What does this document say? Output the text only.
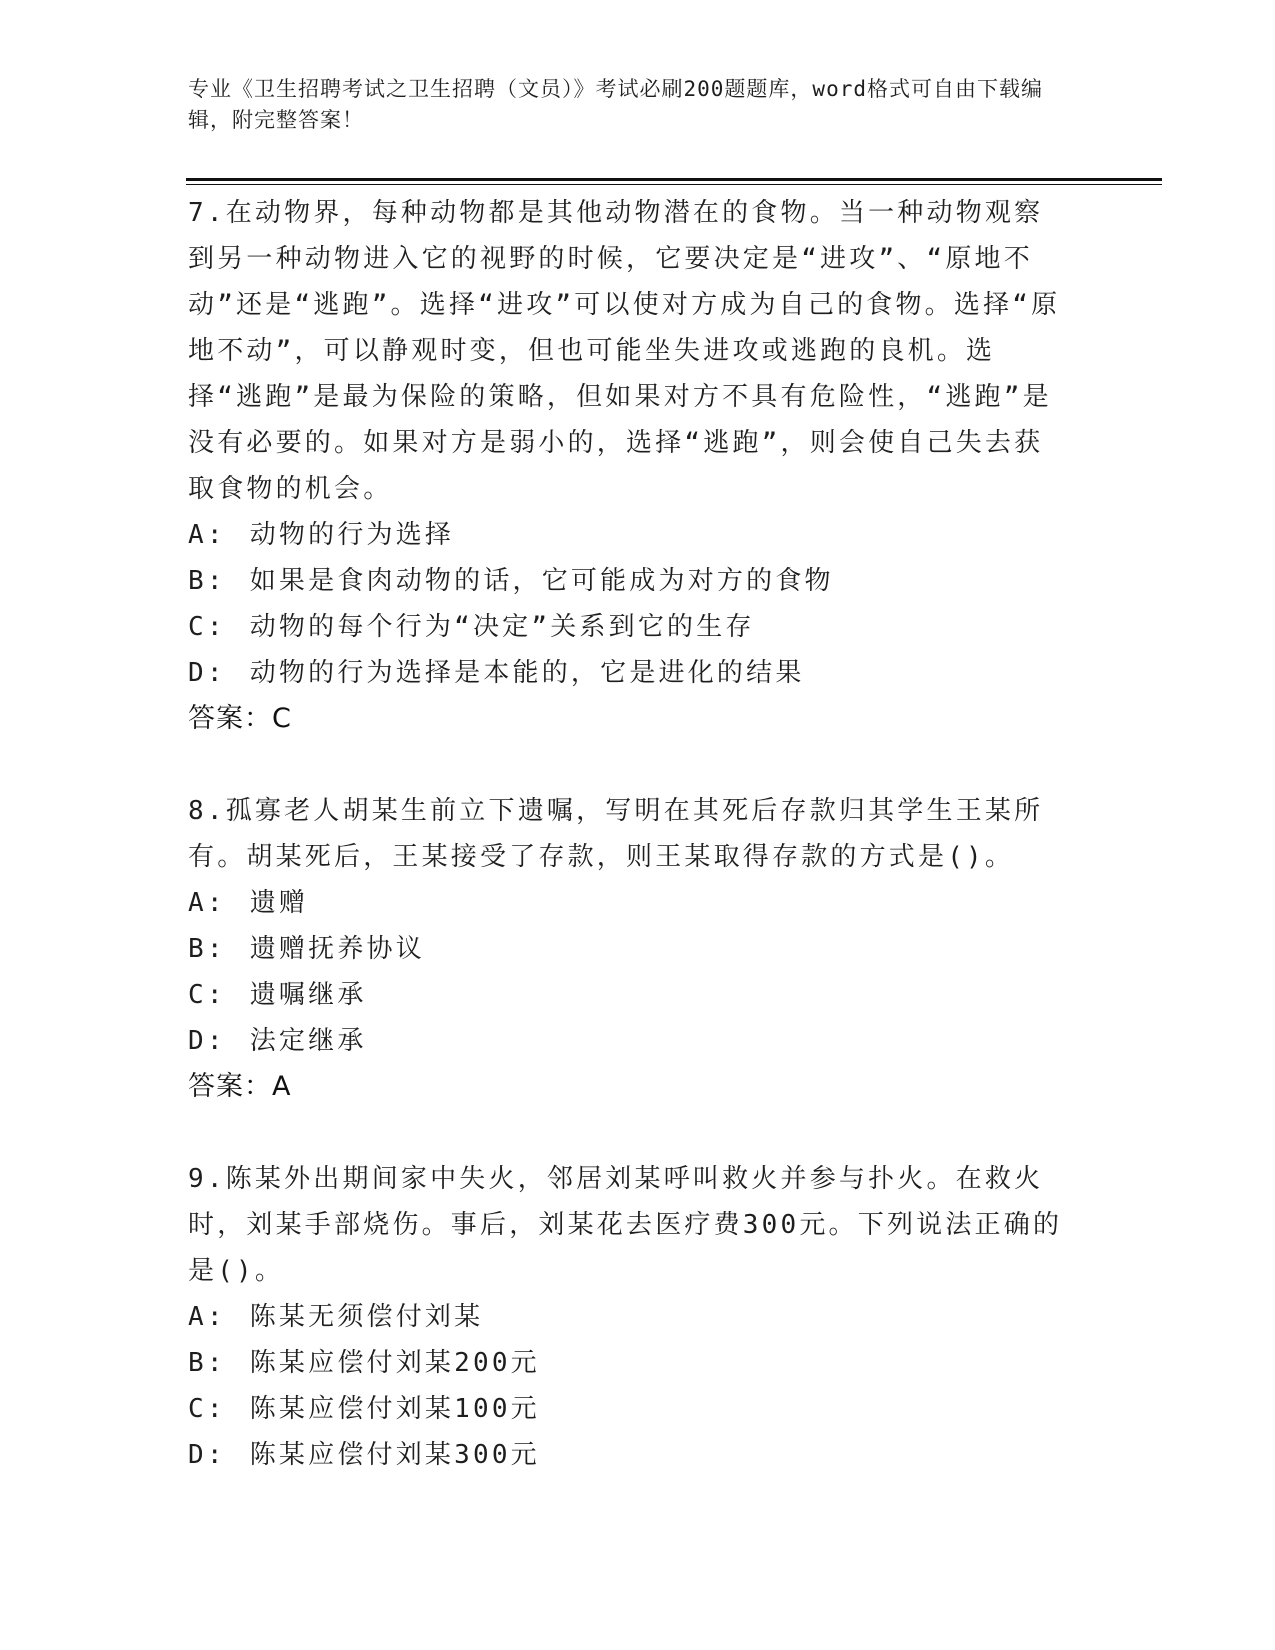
专业《卫生招聘考试之卫生招聘（文员）》考试必刷200题题库，word格式可自由下载编辑，附完整答案！
7.在动物界，每种动物都是其他动物潜在的食物。当一种动物观察到另一种动物进入它的视野的时候，它要决定是“进攻”、“原地不动”还是“逃跑”。选择“进攻”可以使对方成为自己的食物。选择“原地不动”，可以静观时变，但也可能坐失进攻或逃跑的良机。选择“逃跑”是最为保险的策略，但如果对方不具有危险性，“逃跑”是没有必要的。如果对方是弱小的，选择“逃跑”，则会使自己失去获取食物的机会。
A: 动物的行为选择
B: 如果是食肉动物的话，它可能成为对方的食物
C: 动物的每个行为“决定”关系到它的生存
D: 动物的行为选择是本能的，它是进化的结果
答案：C
8.孤寡老人胡某生前立下遗嘱，写明在其死后存款归其学生王某所有。胡某死后，王某接受了存款，则王某取得存款的方式是()。
A: 遗赠
B: 遗赠抚养协议
C: 遗嘱继承
D: 法定继承
答案：A
9.陈某外出期间家中失火，邻居刘某呼叫救火并参与扑火。在救火时，刘某手部烧伤。事后，刘某花去医疗费300元。下列说法正确的是()。
A: 陈某无须偿付刘某
B: 陈某应偿付刘某200元
C: 陈某应偿付刘某100元
D: 陈某应偿付刘某300元
